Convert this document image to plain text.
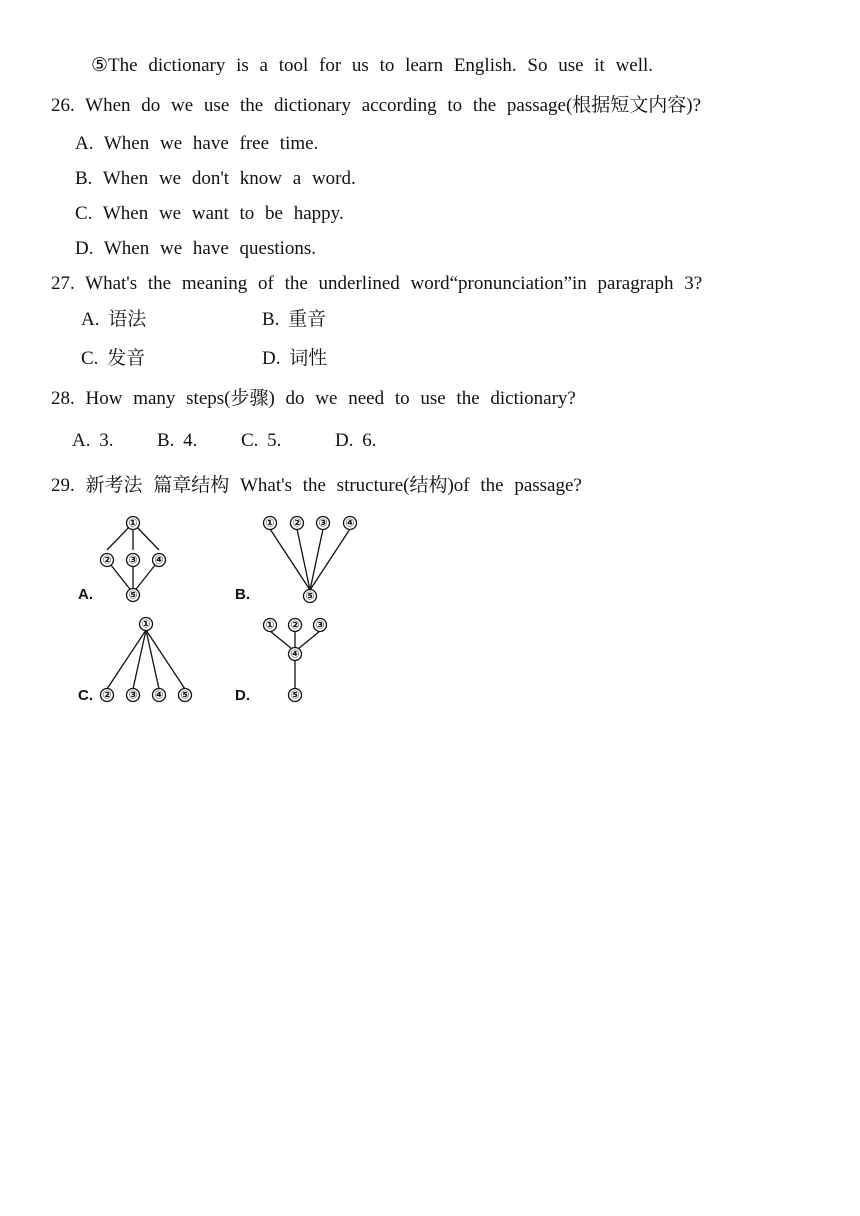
⑤The dictionary is a tool for us to learn English. So use it well.
26. When do we use the dictionary according to the passage(根据短文内容)?
A. When we have free time.
B. When we don't know a word.
C. When we want to be happy.
D. When we have questions.
27. What's the meaning of the underlined word“pronunciation”in paragraph 3?
A. 语法	B. 重音
C. 发音	D. 词性
28. How many steps(步骤) do we need to use the dictionary?
A. 3. B. 4. C. 5.	D. 6.
29. 新考法 篇章结构 What's the structure(结构)of the passage?
①
② ③ ④
⑤
A.
① ② ③ ④
⑤
B.
①
② ③ ④ ⑤
C.
① ② ③
④
⑤
D.
